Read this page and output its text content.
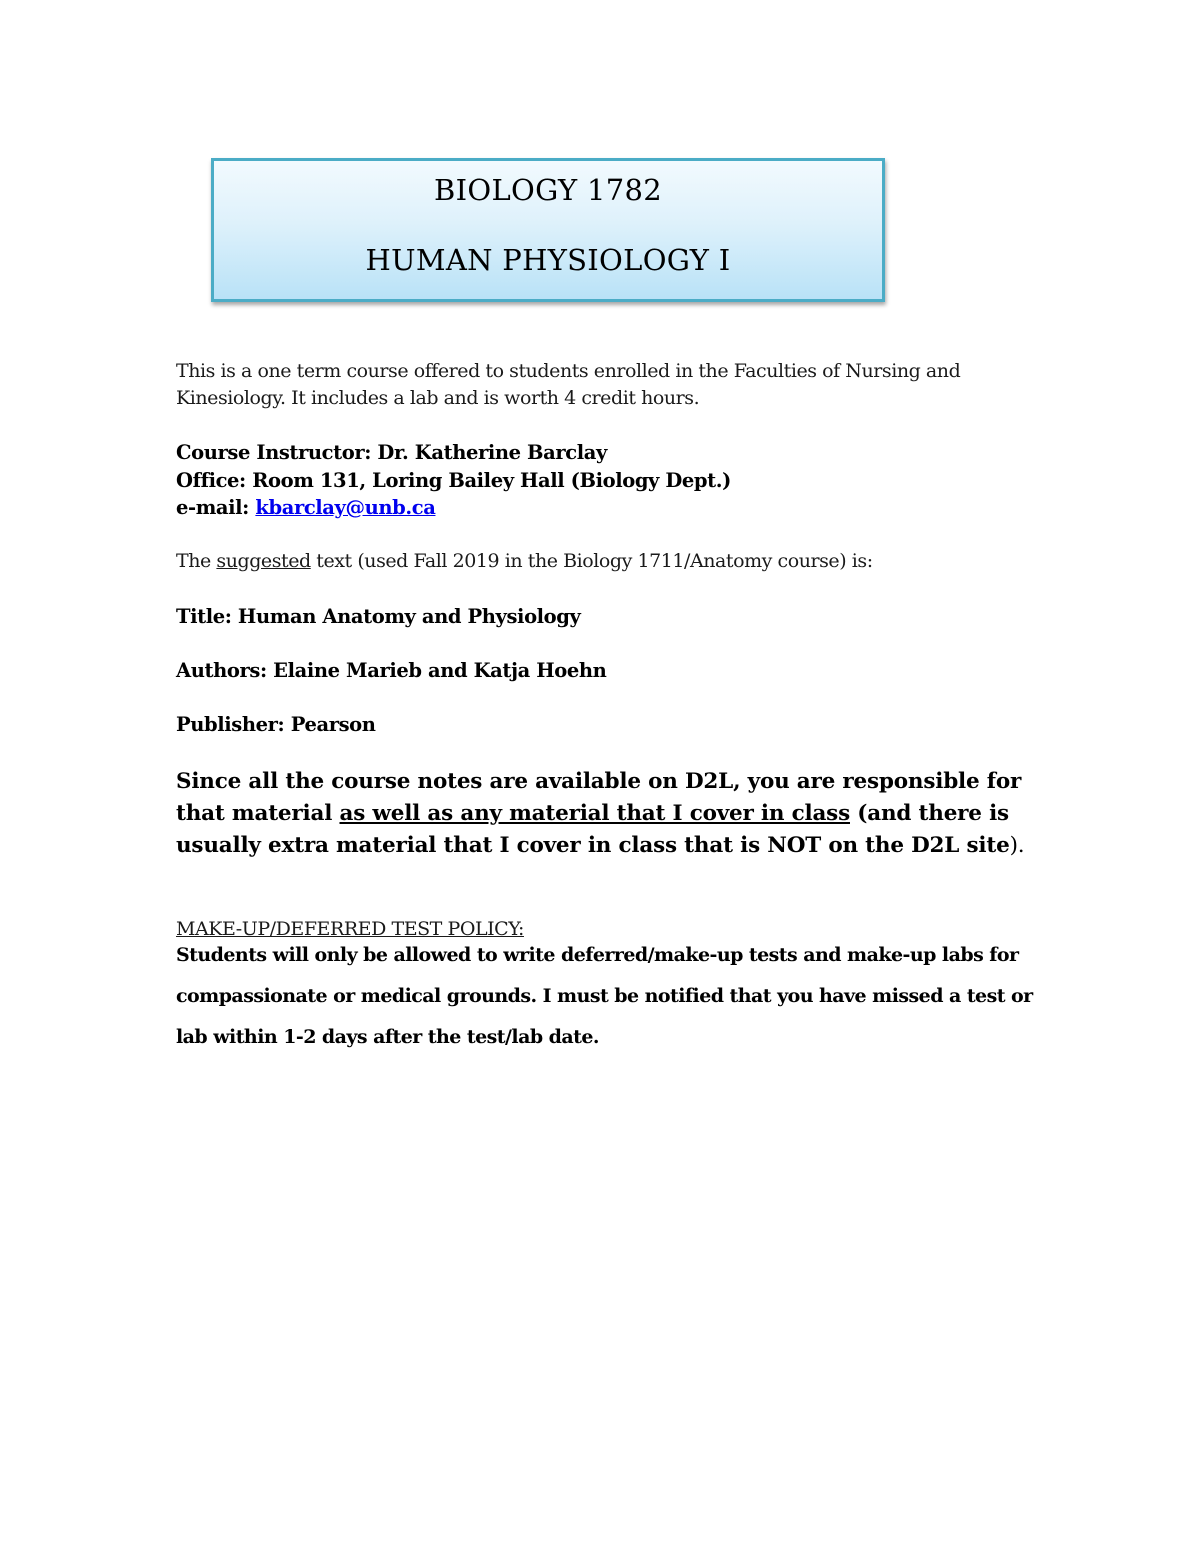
BIOLOGY 1782
HUMAN PHYSIOLOGY I
This is a one term course offered to students enrolled in the Faculties of Nursing and
Kinesiology. It includes a lab and is worth 4 credit hours.
Course Instructor: Dr. Katherine Barclay
Office: Room 131, Loring Bailey Hall (Biology Dept.)
e-mail: kbarclay@unb.ca
The suggested text (used Fall 2019 in the Biology 1711/Anatomy course) is:
Title: Human Anatomy and Physiology
Authors: Elaine Marieb and Katja Hoehn
Publisher: Pearson
Since all the course notes are available on D2L, you are responsible for
that material as well as any material that I cover in class (and there is
usually extra material that I cover in class that is NOT on the D2L site).
MAKE-UP/DEFERRED TEST POLICY:
Students will only be allowed to write deferred/make-up tests and make-up labs for
compassionate or medical grounds. I must be notified that you have missed a test or
lab within 1-2 days after the test/lab date.
